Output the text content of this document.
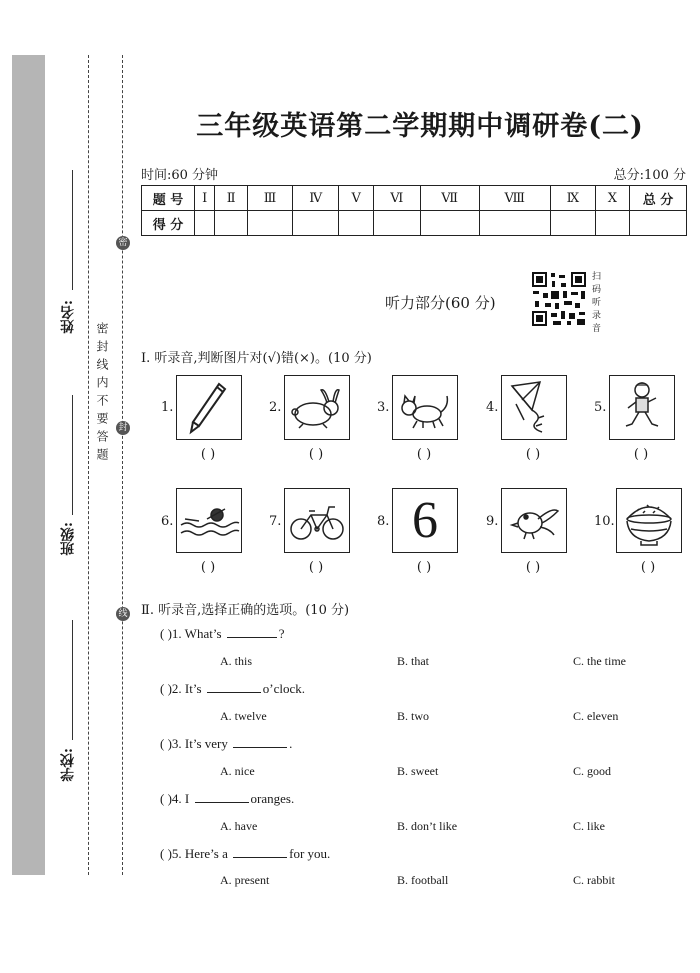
密
封
线
姓名:
班级:
学校:
密封线内不要答题
三年级英语第二学期期中调研卷(二)
时间:60 分钟	总分:100 分
题 号	Ⅰ	Ⅱ	Ⅲ	Ⅳ	Ⅴ	Ⅵ	Ⅶ	Ⅷ	Ⅸ	Ⅹ	总 分
得 分											
听力部分(60 分)
扫码听录音
Ⅰ. 听录音,判断图片对(√)错(×)。(10 分)
1.
( )
2.
( )
3.
( )
4.
( )
5.
( )
6.
( )
7.
( )
8. 6
( )
9.
( )
10.
( )
Ⅱ. 听录音,选择正确的选项。(10 分)
( )1. What’s	?
A. this	B. that	C. the time
( )2. It’s	o’clock.
A. twelve	B. two	C. eleven
( )3. It’s very	.
A. nice	B. sweet	C. good
( )4. I	oranges.
A. have	B. don’t like	C. like
( )5. Here’s a	for you.
A. present	B. football	C. rabbit
